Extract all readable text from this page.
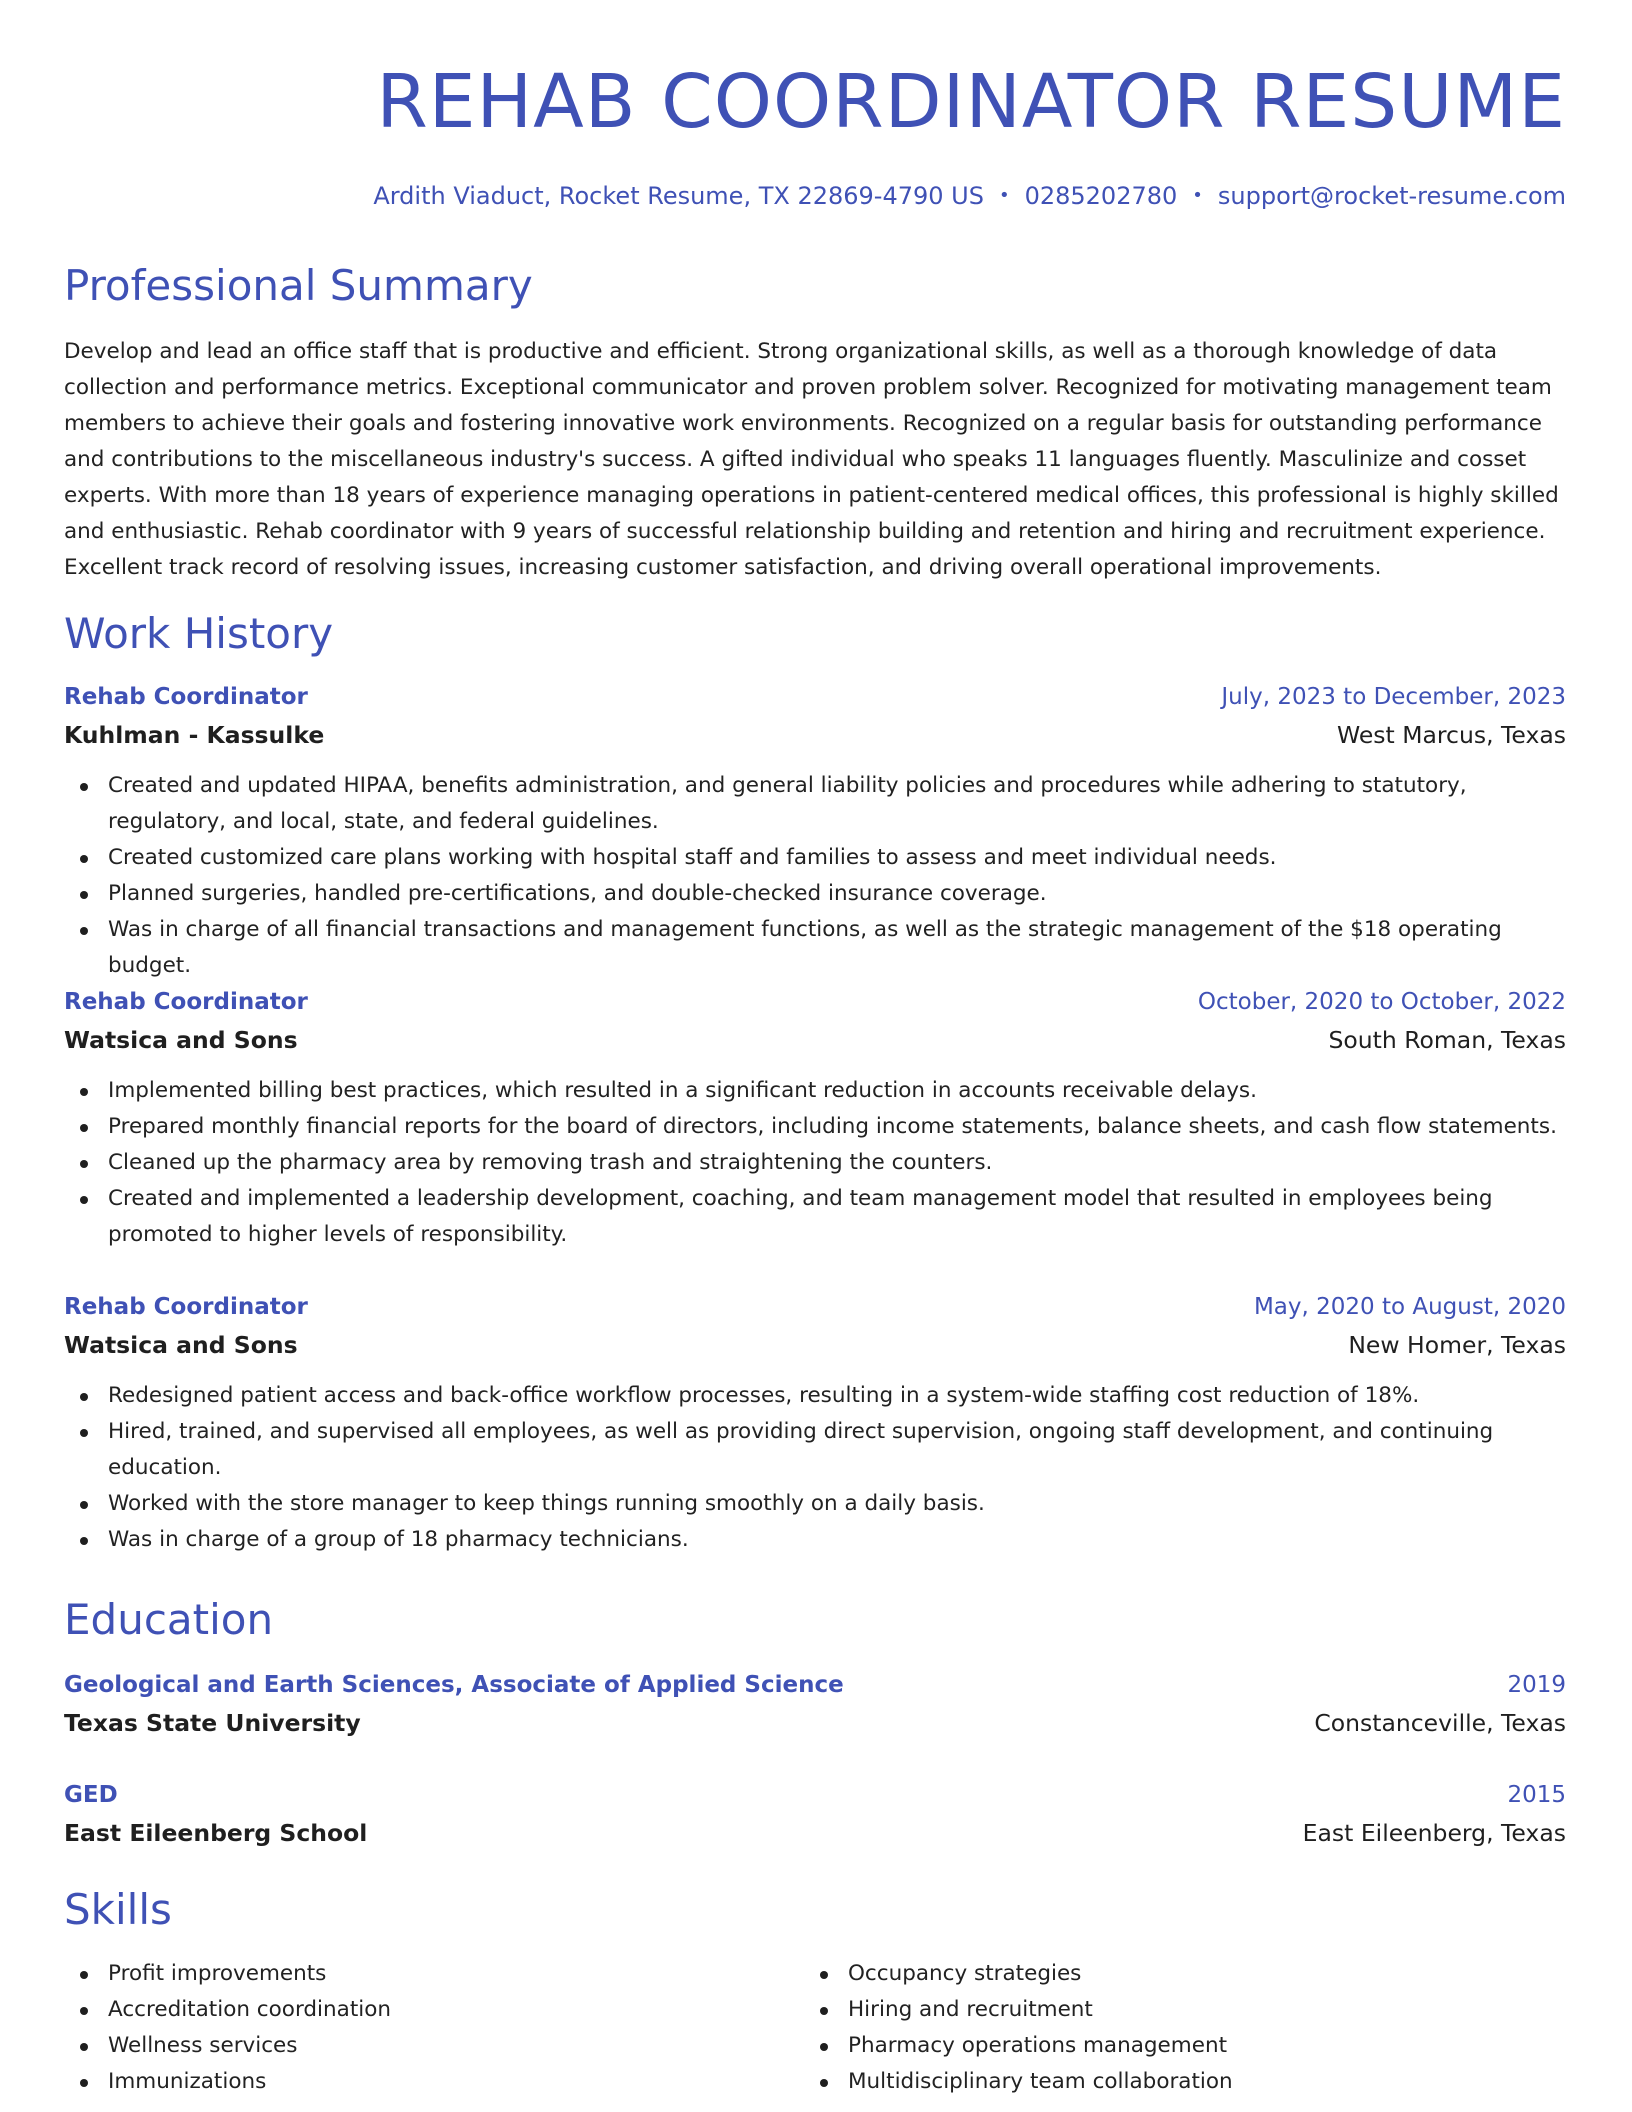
REHAB COORDINATOR RESUME
Ardith Viaduct, Rocket Resume, TX 22869-4790 US • 0285202780 • support@rocket-resume.com
Professional Summary

Develop and lead an office staff that is productive and efficient. Strong organizational skills, as well as a thorough knowledge of data collection and performance metrics. Exceptional communicator and proven problem solver. Recognized for motivating management team members to achieve their goals and fostering innovative work environments. Recognized on a regular basis for outstanding performance and contributions to the miscellaneous industry's success. A gifted individual who speaks 11 languages fluently. Masculinize and cosset experts. With more than 18 years of experience managing operations in patient-centered medical offices, this professional is highly skilled and enthusiastic. Rehab coordinator with 9 years of successful relationship building and retention and hiring and recruitment experience. Excellent track record of resolving issues, increasing customer satisfaction, and driving overall operational improvements.

Work History
Rehab Coordinator	July, 2023 to December, 2023
Kuhlman - Kassulke	West Marcus, Texas
Created and updated HIPAA, benefits administration, and general liability policies and procedures while adhering to statutory, regulatory, and local, state, and federal guidelines.
Created customized care plans working with hospital staff and families to assess and meet individual needs.
Planned surgeries, handled pre-certifications, and double-checked insurance coverage.
Was in charge of all financial transactions and management functions, as well as the strategic management of the $18 operating budget.
Rehab Coordinator	October, 2020 to October, 2022
Watsica and Sons	South Roman, Texas
Implemented billing best practices, which resulted in a significant reduction in accounts receivable delays.
Prepared monthly financial reports for the board of directors, including income statements, balance sheets, and cash flow statements.
Cleaned up the pharmacy area by removing trash and straightening the counters.
Created and implemented a leadership development, coaching, and team management model that resulted in employees being promoted to higher levels of responsibility.
Rehab Coordinator	May, 2020 to August, 2020
Watsica and Sons	New Homer, Texas
Redesigned patient access and back-office workflow processes, resulting in a system-wide staffing cost reduction of 18%.
Hired, trained, and supervised all employees, as well as providing direct supervision, ongoing staff development, and continuing education.
Worked with the store manager to keep things running smoothly on a daily basis.
Was in charge of a group of 18 pharmacy technicians.
Education
Geological and Earth Sciences, Associate of Applied Science	2019
Texas State University	Constanceville, Texas
GED	2015
East Eileenberg School	East Eileenberg, Texas
Skills
Profit improvements
Accreditation coordination
Wellness services
Immunizations
Occupancy strategies
Hiring and recruitment
Pharmacy operations management
Multidisciplinary team collaboration
